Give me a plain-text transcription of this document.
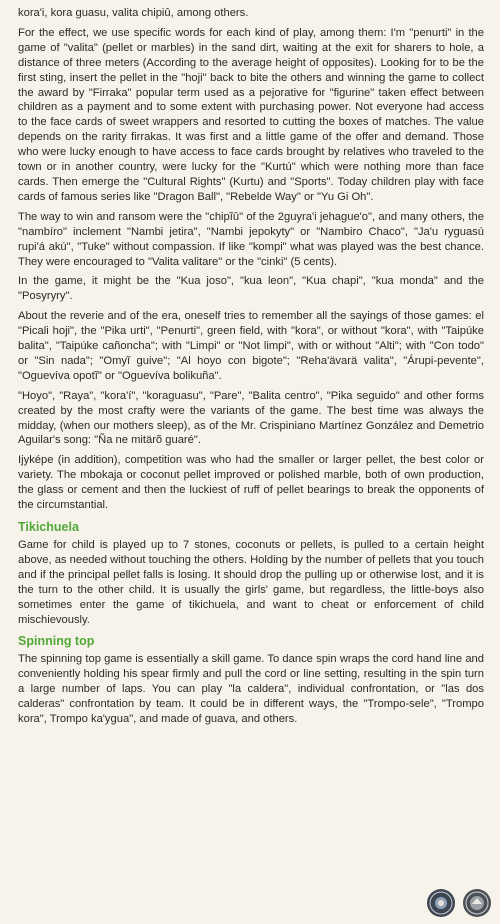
kora'i, kora guasu, valita chipiû, among others.

For the effect, we use specific words for each kind of play, among them: I'm "penurti" in the game of "valita" (pellet or marbles) in the sand dirt, waiting at the exit for sharers to hole, a distance of three meters (According to the average height of opposites). Looking for to be the first sting, insert the pellet in the "hoji" back to bite the others and winning the game to collect the award by "Firraka" popular term used as a pejorative for "figurine" taken effect between children as a payment and to some extent with purchasing power. Not everyone had access to the face cards of sweet wrappers and resorted to cutting the boxes of matches. The value depends on the rarity firrakas. It was first and a little game of the offer and demand. Those who were lucky enough to have access to face cards brought by relatives who traveled to the town or in another country, were lucky for the "Kurtú" which were nothing more than face cards. Then emerge the "Cultural Rights" (Kurtu) and "Sports". Today children play with face cards of famous series like "Dragon Ball", "Rebelde Way" or "Yu Gi Oh".

The way to win and ransom were the "chipĩû" of the 2guyra'i jehague'o", and many others, the "nambíro" inclement "Nambi jetira", "Nambi jepokyty" or "Nambiro Chaco", "Ja'u ryguasú rupi'á akú", "Tuke" without compassion. If like "kompi" what was played was the best chance. They were encouraged to "Valita valitare" or the "cinki" (5 cents).

In the game, it might be the "Kua joso", "kua leon", "Kua chapi", "kua monda" and the "Posyryry".

About the reverie and of the era, oneself tries to remember all the sayings of those games: el "Picali hoji", the "Pika urti", "Penurti", green field, with "kora", or without "kora", with "Taipúke balita", "Taipúke cañoncha"; with "Limpi" or "Not limpi", with or without "Alti"; with "Con todo" or "Sin nada"; "Omyĩ guive"; "Al hoyo con bigote"; "Reha'ävarä valita", "Árupi-pevente", "Oguevíva opotĩ" or "Oguevíva bolikuña".

"Hoyo", "Raya", "kora'í", "koraguasu", "Pare", "Balita centro", "Pika seguido" and other forms created by the most crafty were the variants of the game. The best time was always the midday, (when our mothers sleep), as of the Mr. Crispiniano Martínez González and Demetrio Aguilar's song: "Ña ne mitärõ guaré".

Ijyképe (in addition), competition was who had the smaller or larger pellet, the best color or variety. The mbokaja or coconut pellet improved or polished marble, both of own production, the glass or cement and then the luckiest of ruff of pellet bearings to break the opponents of the circumstantial.

Tikichuela

Game for child is played up to 7 stones, coconuts or pellets, is pulled to a certain height above, as needed without touching the others. Holding by the number of pellets that you touch and if the principal pellet falls is losing. It should drop the pulling up or otherwise lost, and it is the turn to the other child. It is usually the girls' game, but regardless, the little-boys also sometimes enter the game of tikichuela, and want to cheat or enforcement of child mischievously.

Spinning top

The spinning top game is essentially a skill game. To dance spin wraps the cord hand line and conveniently holding his spear firmly and pull the cord or line setting, resulting in the spin turn a large number of laps. You can play "la caldera", individual confrontation, or "las dos calderas" confrontation by team. It could be in different ways, the "Trompo-sele", "Trompo kora", Trompo ka'ygua", and made of guava, and others.
